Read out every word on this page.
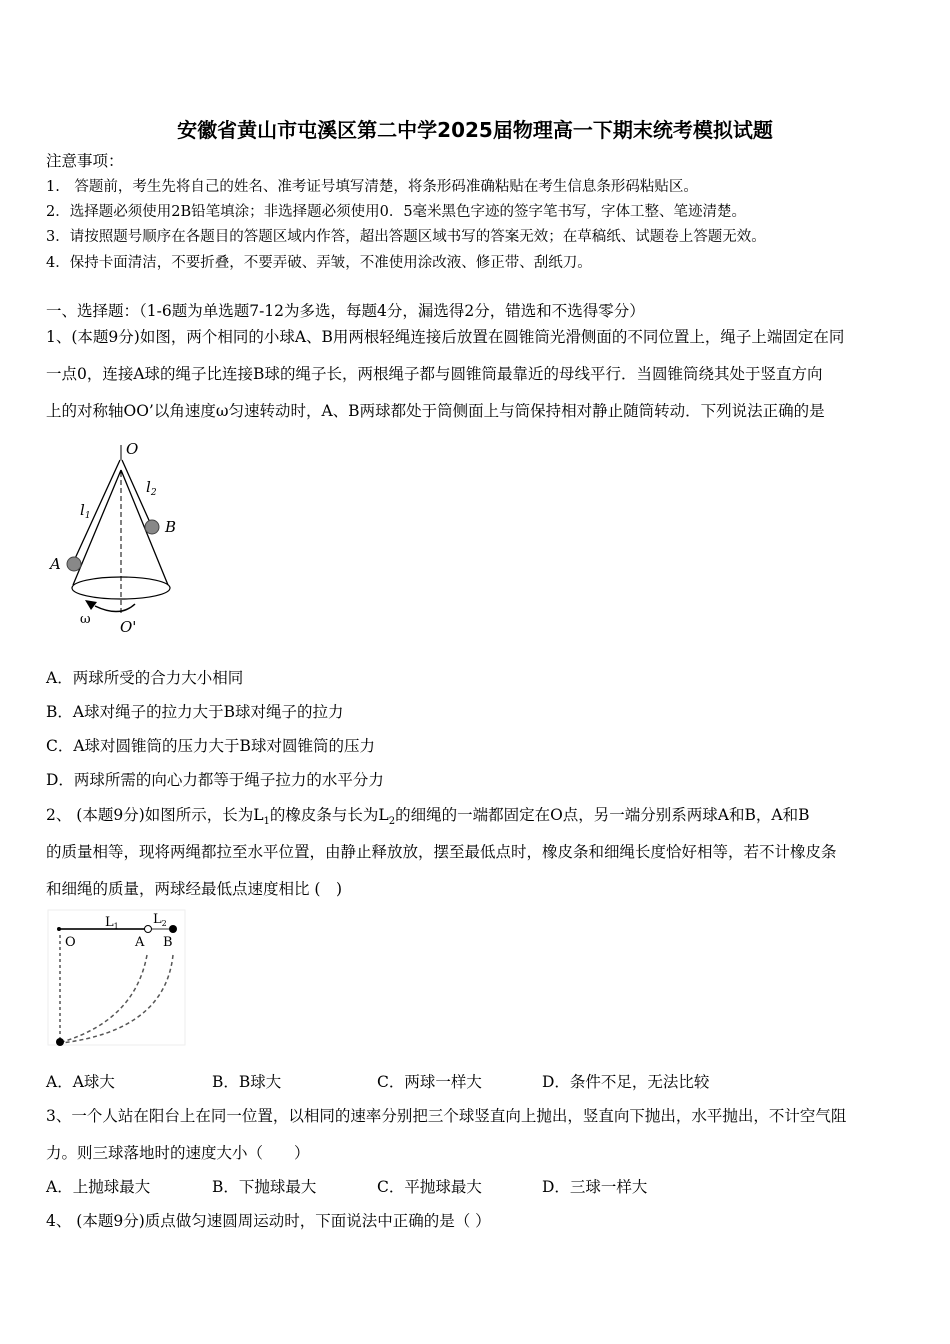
安徽省黄山市屯溪区第二中学2025届物理高一下期末统考模拟试题
注意事项：
1.　答题前，考生先将自己的姓名、准考证号填写清楚，将条形码准确粘贴在考生信息条形码粘贴区。
2．选择题必须使用2B铅笔填涂；非选择题必须使用0．5毫米黑色字迹的签字笔书写，字体工整、笔迹清楚。
3．请按照题号顺序在各题目的答题区域内作答，超出答题区域书写的答案无效；在草稿纸、试题卷上答题无效。
4．保持卡面清洁，不要折叠，不要弄破、弄皱，不准使用涂改液、修正带、刮纸刀。
一、选择题：（1-6题为单选题7-12为多选，每题4分，漏选得2分，错选和不选得零分）
1、(本题9分)如图，两个相同的小球A、B用两根轻绳连接后放置在圆锥筒光滑侧面的不同位置上，绳子上端固定在同
一点0，连接A球的绳子比连接B球的绳子长，两根绳子都与圆锥筒最靠近的母线平行．当圆锥筒绕其处于竖直方向
上的对称轴OO’以角速度ω匀速转动时，A、B两球都处于筒侧面上与筒保持相对静止随筒转动．下列说法正确的是
O
$l_1$
$l_2$
B
A
ω O'
A．两球所受的合力大小相同
B．A球对绳子的拉力大于B球对绳子的拉力
C．A球对圆锥筒的压力大于B球对圆锥筒的压力
D．两球所需的向心力都等于绳子拉力的水平分力
2、 (本题9分)如图所示，长为$L_1$的橡皮条与长为$L_2$的细绳的一端都固定在O点，另一端分别系两球A和B，A和B
的质量相等，现将两绳都拉至水平位置，由静止释放放，摆至最低点时，橡皮条和细绳长度恰好相等，若不计橡皮条
和细绳的质量，两球经最低点速度相比 (　)
$L_1$	$L_2$
O	A B
A．A球大	B．B球大	C．两球一样大	D．条件不足，无法比较
3、一个人站在阳台上在同一位置，以相同的速率分别把三个球竖直向上抛出，竖直向下抛出，水平抛出，不计空气阻
力。则三球落地时的速度大小（　　）
A．上抛球最大	B．下抛球最大	C．平抛球最大	D．三球一样大
4、 (本题9分)质点做匀速圆周运动时，下面说法中正确的是（ ）
